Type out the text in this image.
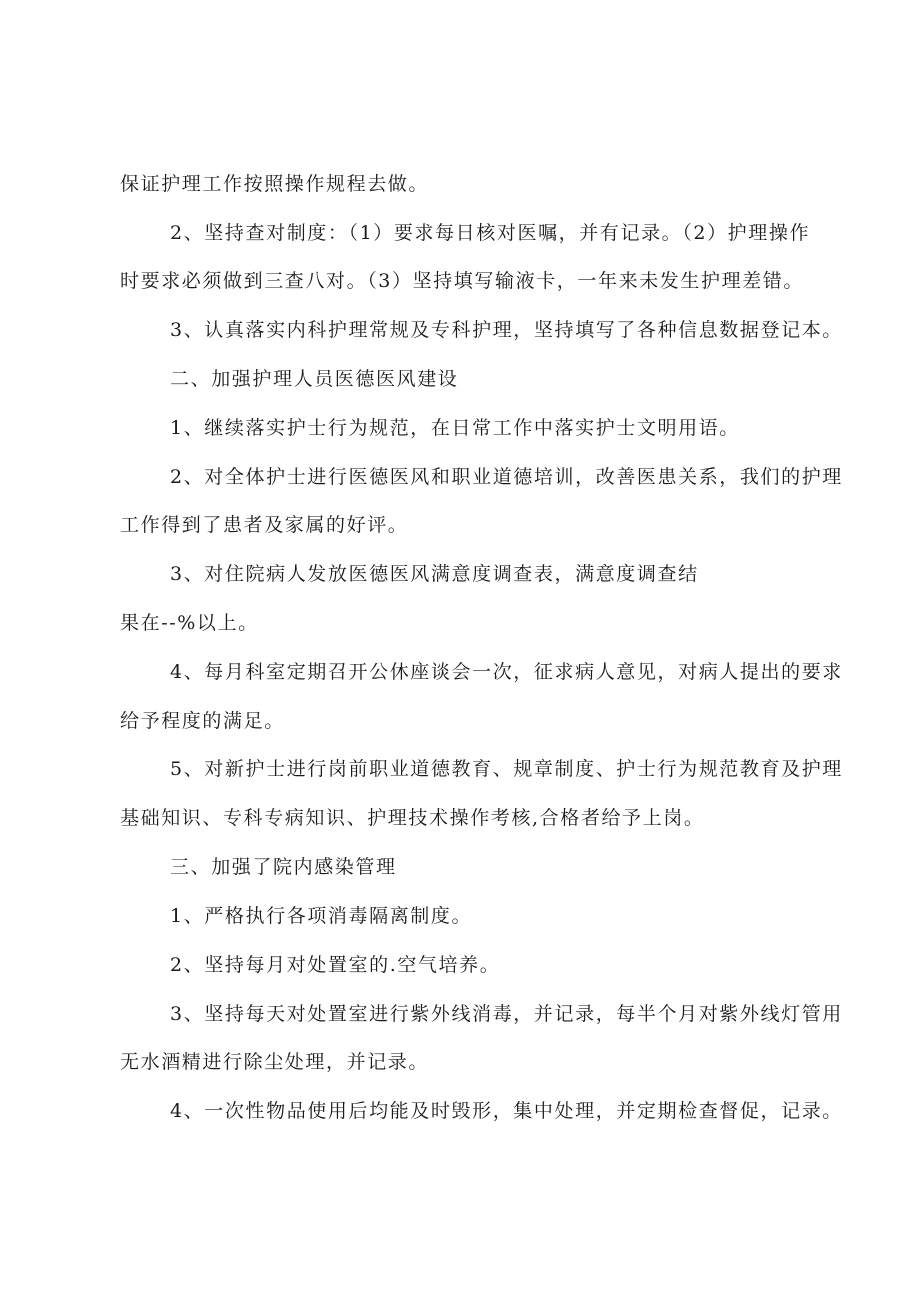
保证护理工作按照操作规程去做。
2、坚持查对制度：（1）要求每日核对医嘱，并有记录。（2）护理操作
时要求必须做到三查八对。（3）坚持填写输液卡，一年来未发生护理差错。
3、认真落实内科护理常规及专科护理，坚持填写了各种信息数据登记本。
二、加强护理人员医德医风建设
1、继续落实护士行为规范，在日常工作中落实护士文明用语。
2、对全体护士进行医德医风和职业道德培训，改善医患关系，我们的护理
工作得到了患者及家属的好评。
3、对住院病人发放医德医风满意度调查表，满意度调查结
果在--%以上。
4、每月科室定期召开公休座谈会一次，征求病人意见，对病人提出的要求
给予程度的满足。
5、对新护士进行岗前职业道德教育、规章制度、护士行为规范教育及护理
基础知识、专科专病知识、护理技术操作考核,合格者给予上岗。
三、加强了院内感染管理
1、严格执行各项消毒隔离制度。
2、坚持每月对处置室的.空气培养。
3、坚持每天对处置室进行紫外线消毒，并记录，每半个月对紫外线灯管用
无水酒精进行除尘处理，并记录。
4、一次性物品使用后均能及时毁形，集中处理，并定期检查督促，记录。
